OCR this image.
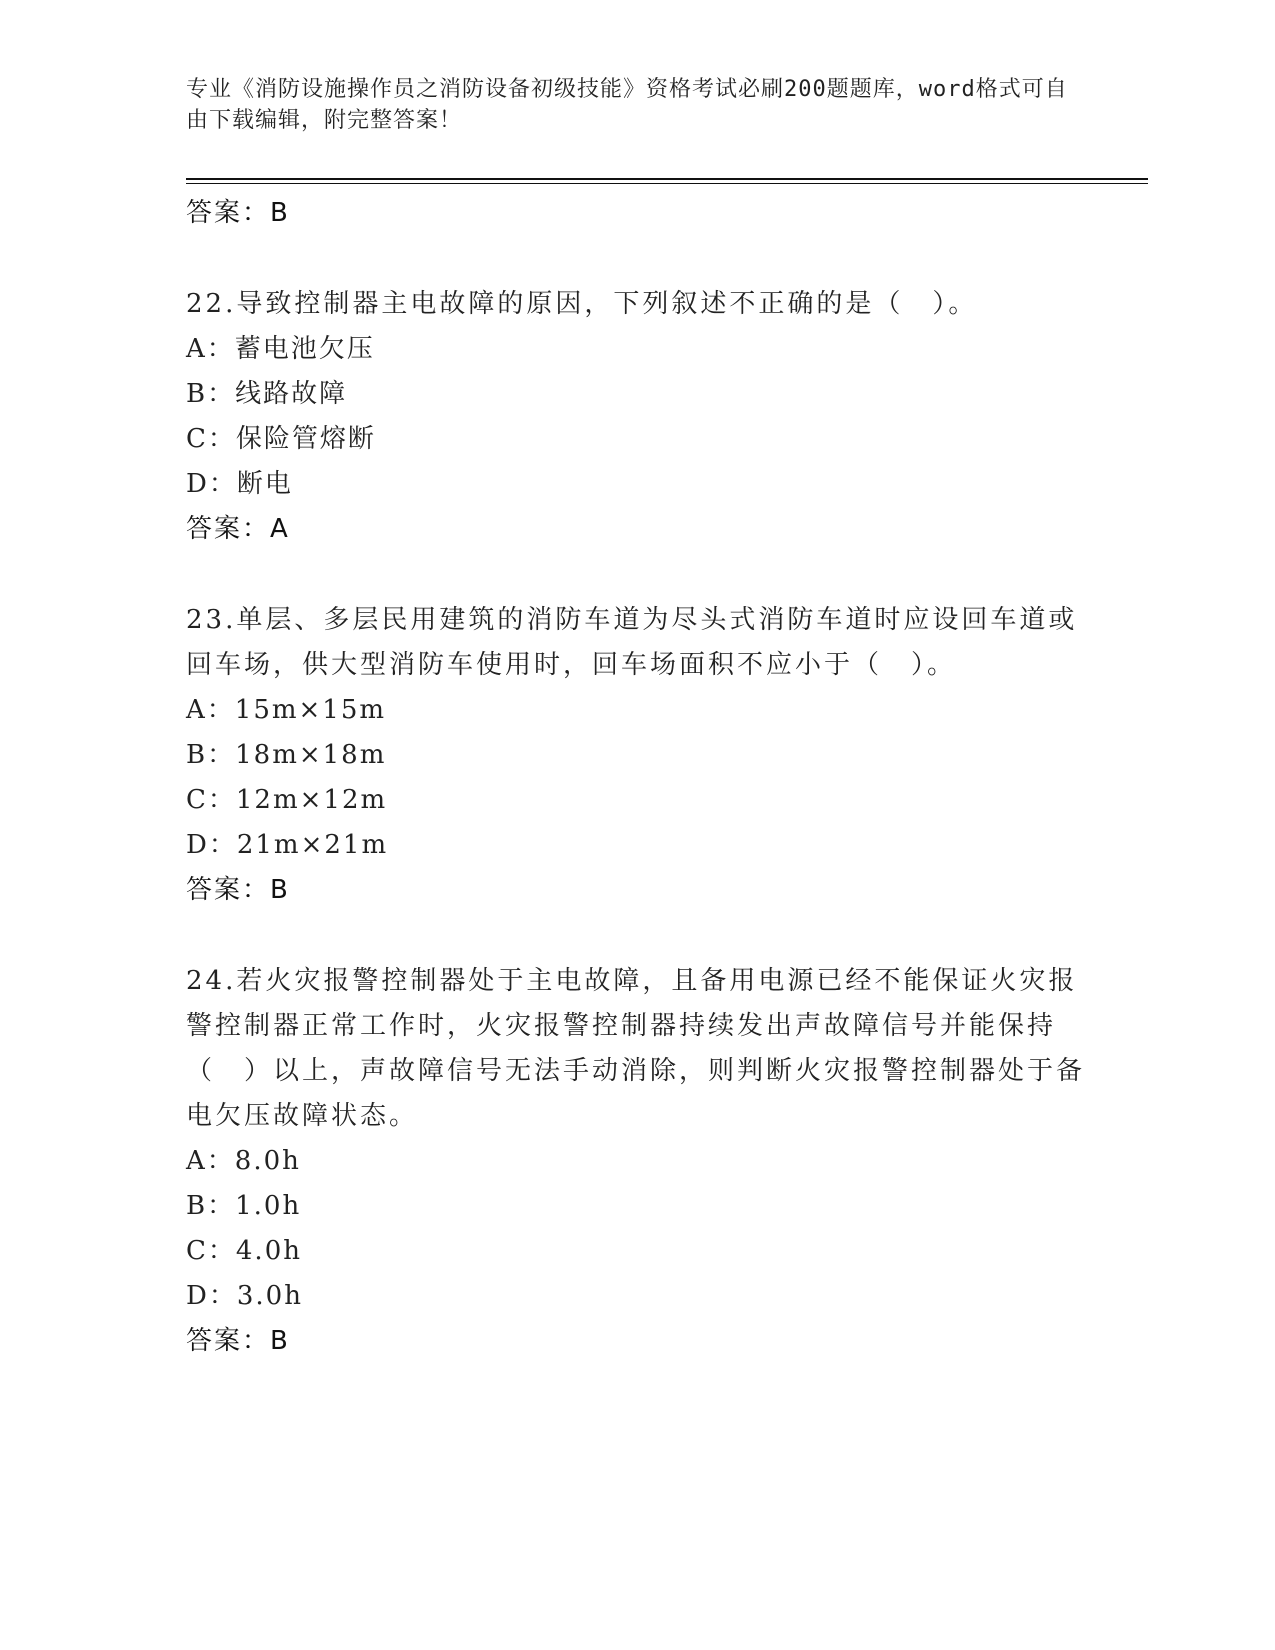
专业《消防设施操作员之消防设备初级技能》资格考试必刷200题题库，word格式可自由下载编辑，附完整答案！
答案：B
22.导致控制器主电故障的原因，下列叙述不正确的是（　）。
A：蓄电池欠压
B：线路故障
C：保险管熔断
D：断电
答案：A
23.单层、多层民用建筑的消防车道为尽头式消防车道时应设回车道或回车场，供大型消防车使用时，回车场面积不应小于（　）。
A：15m×15m
B：18m×18m
C：12m×12m
D：21m×21m
答案：B
24.若火灾报警控制器处于主电故障，且备用电源已经不能保证火灾报警控制器正常工作时，火灾报警控制器持续发出声故障信号并能保持（　）以上，声故障信号无法手动消除，则判断火灾报警控制器处于备电欠压故障状态。
A：8.0h
B：1.0h
C：4.0h
D：3.0h
答案：B
